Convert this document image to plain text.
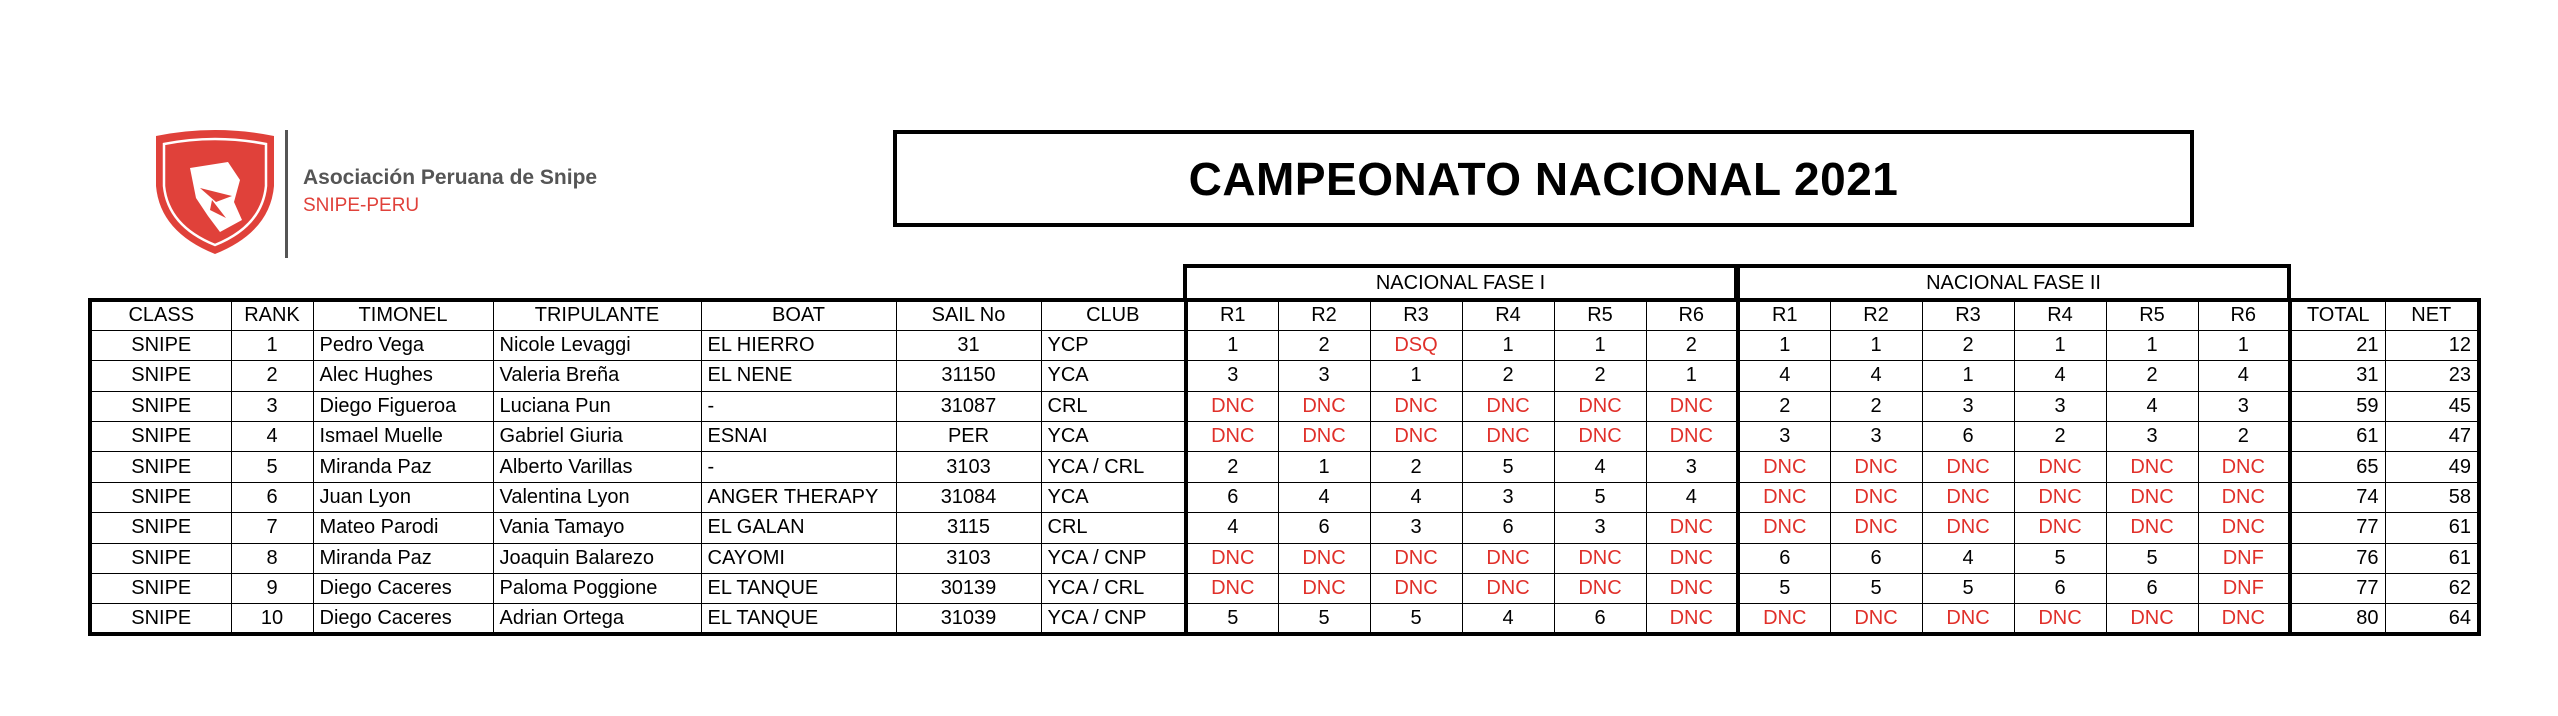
Asociación Peruana de Snipe
SNIPE-PERU
CAMPEONATO NACIONAL 2021
NACIONAL FASE I	NACIONAL FASE II
CLASS	RANK	TIMONEL	TRIPULANTE	BOAT	SAIL No	CLUB	R1	R2	R3	R4	R5	R6	R1	R2	R3	R4	R5	R6	TOTAL	NET
SNIPE	1	Pedro Vega	Nicole Levaggi	EL HIERRO	31	YCP	1	2	DSQ	1	1	2	1	1	2	1	1	1	21	12
SNIPE	2	Alec Hughes	Valeria Breña	EL NENE	31150	YCA	3	3	1	2	2	1	4	4	1	4	2	4	31	23
SNIPE	3	Diego Figueroa	Luciana Pun	-	31087	CRL	DNC	DNC	DNC	DNC	DNC	DNC	2	2	3	3	4	3	59	45
SNIPE	4	Ismael Muelle	Gabriel Giuria	ESNAI	PER	YCA	DNC	DNC	DNC	DNC	DNC	DNC	3	3	6	2	3	2	61	47
SNIPE	5	Miranda Paz	Alberto Varillas	-	3103	YCA / CRL	2	1	2	5	4	3	DNC	DNC	DNC	DNC	DNC	DNC	65	49
SNIPE	6	Juan Lyon	Valentina Lyon	ANGER THERAPY	31084	YCA	6	4	4	3	5	4	DNC	DNC	DNC	DNC	DNC	DNC	74	58
SNIPE	7	Mateo Parodi	Vania Tamayo	EL GALAN	3115	CRL	4	6	3	6	3	DNC	DNC	DNC	DNC	DNC	DNC	DNC	77	61
SNIPE	8	Miranda Paz	Joaquin Balarezo	CAYOMI	3103	YCA / CNP	DNC	DNC	DNC	DNC	DNC	DNC	6	6	4	5	5	DNF	76	61
SNIPE	9	Diego Caceres	Paloma Poggione	EL TANQUE	30139	YCA / CRL	DNC	DNC	DNC	DNC	DNC	DNC	5	5	5	6	6	DNF	77	62
SNIPE	10	Diego Caceres	Adrian Ortega	EL TANQUE	31039	YCA / CNP	5	5	5	4	6	DNC	DNC	DNC	DNC	DNC	DNC	DNC	80	64
